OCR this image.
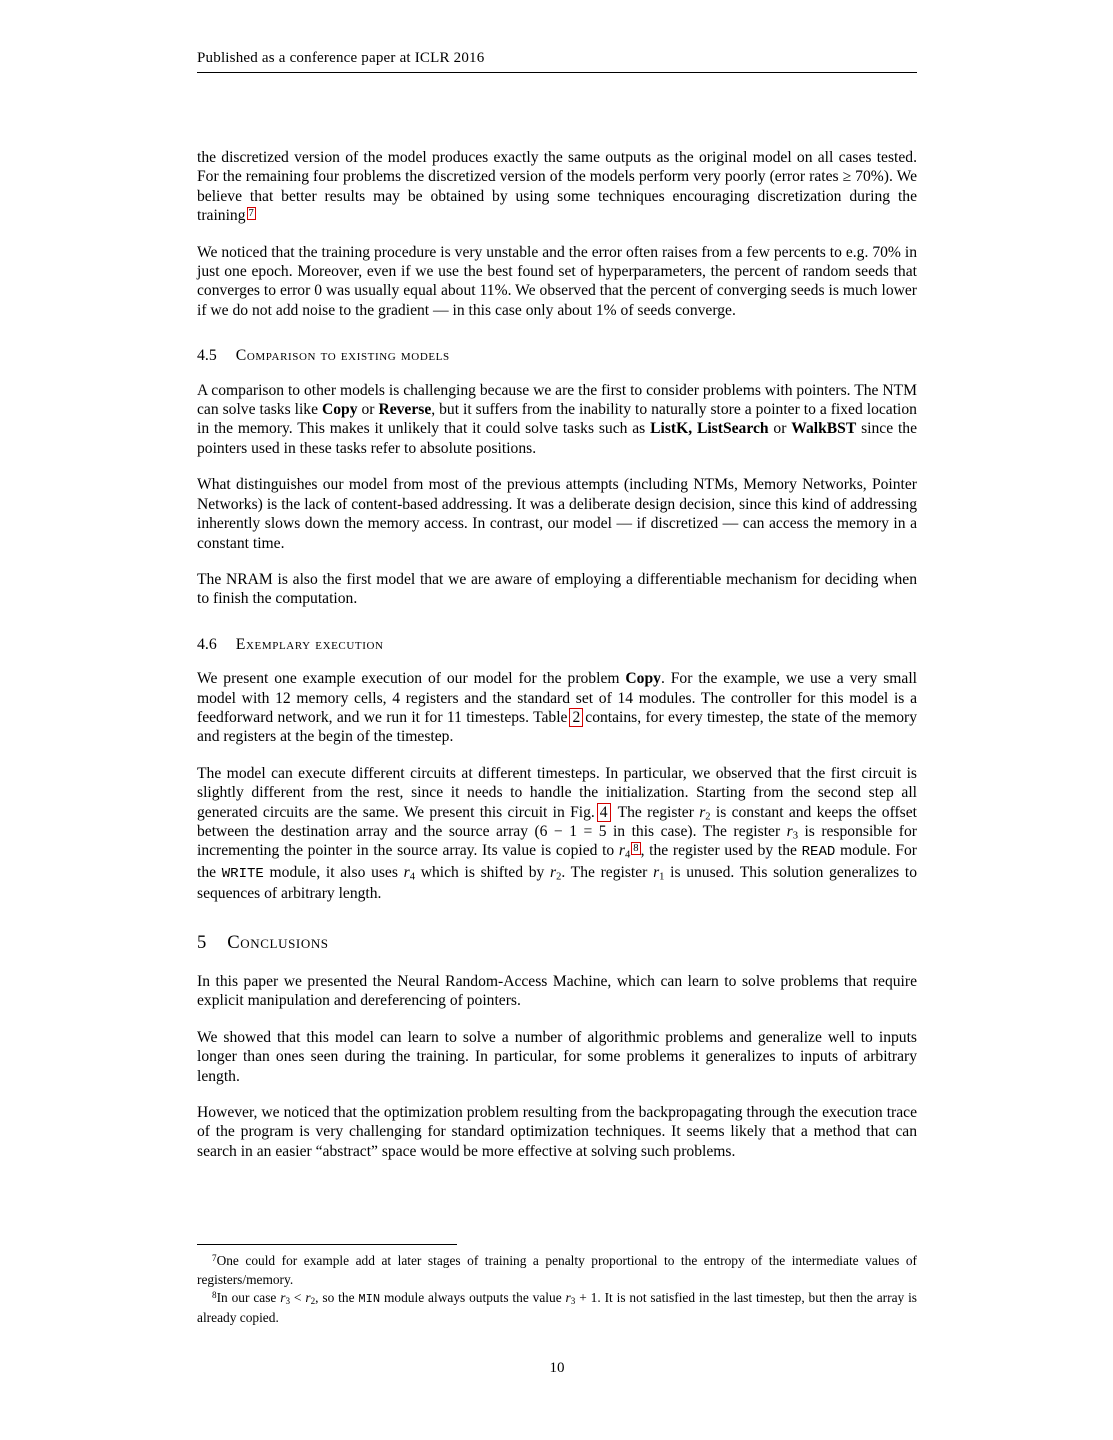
Published as a conference paper at ICLR 2016

the discretized version of the model produces exactly the same outputs as the original model on all cases tested. For the remaining four problems the discretized version of the models perform very poorly (error rates ≥ 70%). We believe that better results may be obtained by using some techniques encouraging discretization during the training $^7$

We noticed that the training procedure is very unstable and the error often raises from a few percents to e.g. 70% in just one epoch. Moreover, even if we use the best found set of hyperparameters, the percent of random seeds that converges to error 0 was usually equal about 11%. We observed that the percent of converging seeds is much lower if we do not add noise to the gradient — in this case only about 1% of seeds converge.

4.5 Comparison to existing models

A comparison to other models is challenging because we are the first to consider problems with pointers. The NTM can solve tasks like Copy or Reverse, but it suffers from the inability to naturally store a pointer to a fixed location in the memory. This makes it unlikely that it could solve tasks such as ListK, ListSearch or WalkBST since the pointers used in these tasks refer to absolute positions.

What distinguishes our model from most of the previous attempts (including NTMs, Memory Networks, Pointer Networks) is the lack of content-based addressing. It was a deliberate design decision, since this kind of addressing inherently slows down the memory access. In contrast, our model — if discretized — can access the memory in a constant time.

The NRAM is also the first model that we are aware of employing a differentiable mechanism for deciding when to finish the computation.

4.6 Exemplary execution

We present one example execution of our model for the problem Copy. For the example, we use a very small model with 12 memory cells, 4 registers and the standard set of 14 modules. The controller for this model is a feedforward network, and we run it for 11 timesteps. Table 2 contains, for every timestep, the state of the memory and registers at the begin of the timestep.

The model can execute different circuits at different timesteps. In particular, we observed that the first circuit is slightly different from the rest, since it needs to handle the initialization. Starting from the second step all generated circuits are the same. We present this circuit in Fig. 4 The register r2 is constant and keeps the offset between the destination array and the source array (6 − 1 = 5 in this case). The register r3 is responsible for incrementing the pointer in the source array. Its value is copied to r4$^8$ , the register used by the READ module. For the WRITE module, it also uses r4 which is shifted by r2. The register r1 is unused. This solution generalizes to sequences of arbitrary length.

5 Conclusions

In this paper we presented the Neural Random-Access Machine, which can learn to solve problems that require explicit manipulation and dereferencing of pointers.

We showed that this model can learn to solve a number of algorithmic problems and generalize well to inputs longer than ones seen during the training. In particular, for some problems it generalizes to inputs of arbitrary length.

However, we noticed that the optimization problem resulting from the backpropagating through the execution trace of the program is very challenging for standard optimization techniques. It seems likely that a method that can search in an easier “abstract” space would be more effective at solving such problems.

$^7$One could for example add at later stages of training a penalty proportional to the entropy of the intermediate values of registers/memory.

$^8$In our case r3 < r2, so the MIN module always outputs the value r3 + 1. It is not satisfied in the last timestep, but then the array is already copied.

10
